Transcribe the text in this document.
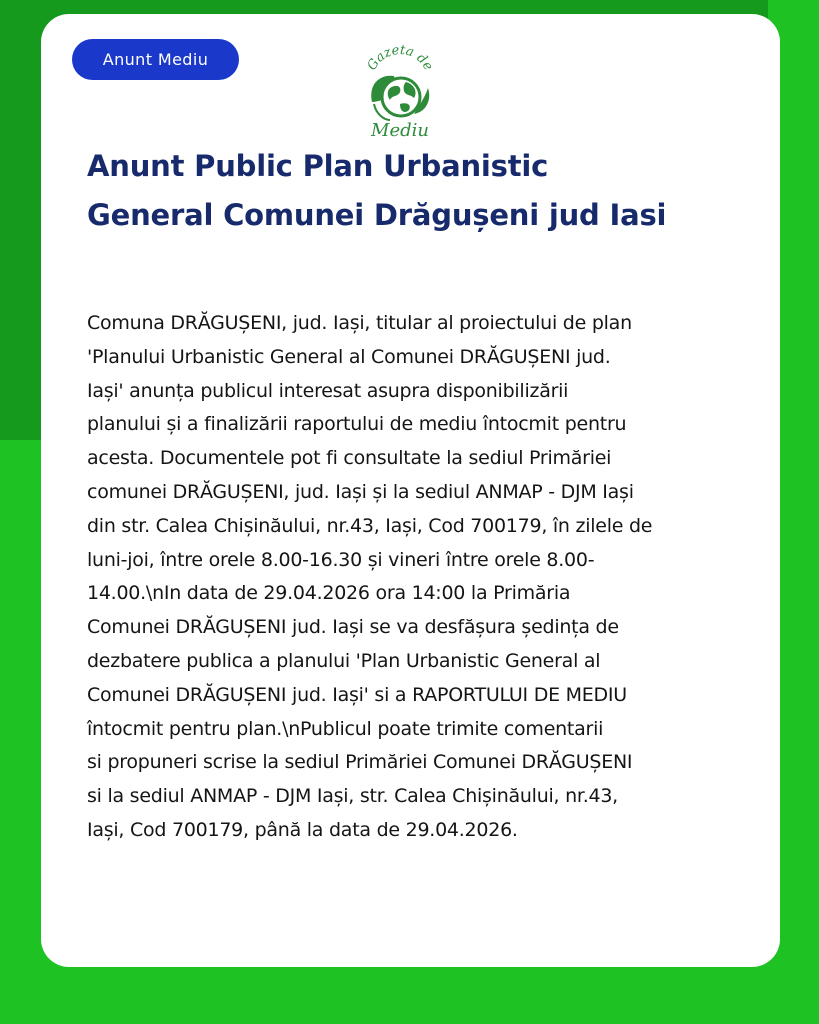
Anunt Mediu	Gazeta de
Mediu
Anunt Public Plan Urbanistic
General Comunei Drăgușeni jud Iasi
Comuna DRĂGUȘENI, jud. Iași, titular al proiectului de plan
'Planului Urbanistic General al Comunei DRĂGUȘENI jud.
Iași' anunța publicul interesat asupra disponibilizării
planului și a finalizării raportului de mediu întocmit pentru
acesta. Documentele pot fi consultate la sediul Primăriei
comunei DRĂGUȘENI, jud. Iași și la sediul ANMAP - DJM Iași
din str. Calea Chișinăului, nr.43, Iași, Cod 700179, în zilele de
luni-joi, între orele 8.00-16.30 și vineri între orele 8.00-
14.00.\nIn data de 29.04.2026 ora 14:00 la Primăria
Comunei DRĂGUȘENI jud. Iași se va desfășura ședința de
dezbatere publica a planului 'Plan Urbanistic General al
Comunei DRĂGUȘENI jud. Iași' si a RAPORTULUI DE MEDIU
întocmit pentru plan.\nPublicul poate trimite comentarii
si propuneri scrise la sediul Primăriei Comunei DRĂGUȘENI
si la sediul ANMAP - DJM Iași, str. Calea Chișinăului, nr.43,
Iași, Cod 700179, până la data de 29.04.2026.
